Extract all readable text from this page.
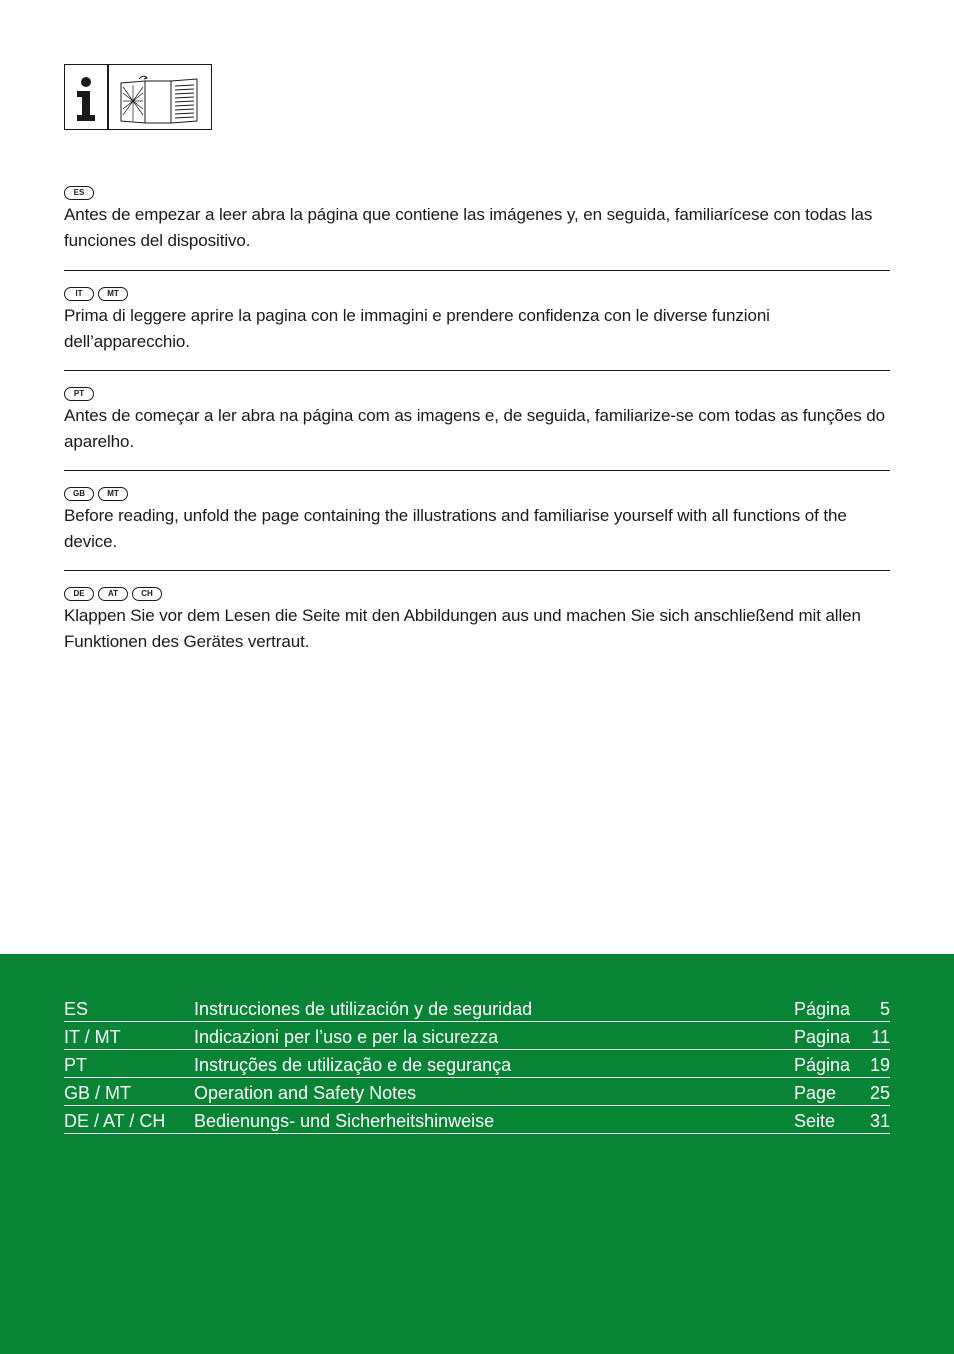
ES

Antes de empezar a leer abra la página que contiene las imágenes y, en seguida, familiarícese con todas las funciones del dispositivo.

IT	MT

Prima di leggere aprire la pagina con le immagini e prendere confidenza con le diverse funzioni dell’apparecchio.

PT

Antes de começar a ler abra na página com as imagens e, de seguida, familiarize-se com todas as funções do aparelho.

GB	MT

Before reading, unfold the page containing the illustrations and familiarise yourself with all functions of the device.

DE	AT	CH

Klappen Sie vor dem Lesen die Seite mit den Abbildungen aus und machen Sie sich anschließend mit allen Funktionen des Gerätes vertraut.

ES	Instrucciones de utilización y de seguridad	Página	5
IT / MT	Indicazioni per l’uso e per la sicurezza	Pagina	11
PT	Instruções de utilização e de segurança	Página	19
GB / MT	Operation and Safety Notes	Page	25
DE / AT / CH	Bedienungs- und Sicherheitshinweise	Seite	31
